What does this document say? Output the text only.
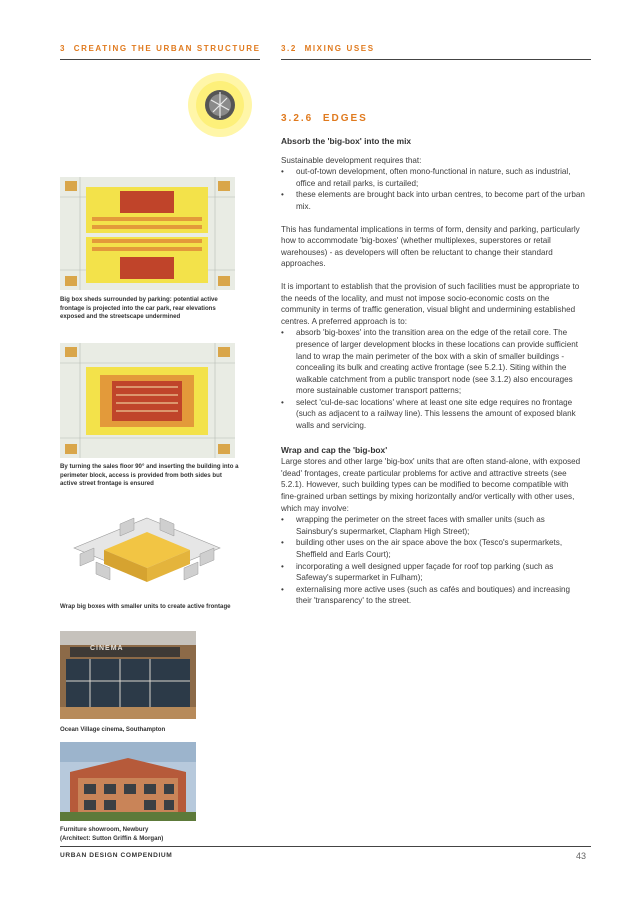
3 CREATING THE URBAN STRUCTURE	3.2 MIXING USES
Big box sheds surrounded by parking: potential active frontage is projected into the car park, rear elevations exposed and the streetscape undermined
By turning the sales floor 90° and inserting the building into a perimeter block, access is provided from both sides but active street frontage is ensured
Wrap big boxes with smaller units to create active frontage
CINEMA
Ocean Village cinema, Southampton
Furniture showroom, Newbury
(Architect: Sutton Griffin & Morgan)
3.2.6 EDGES
Absorb the 'big-box' into the mix

Sustainable development requires that:

• out-of-town development, often mono-functional in nature, such as industrial, office and retail parks, is curtailed;
• these elements are brought back into urban centres, to become part of the urban mix.

This has fundamental implications in terms of form, density and parking, particularly how to accommodate 'big-boxes' (whether multiplexes, superstores or retail warehouses) - as developers will often be reluctant to change their standard approaches.

It is important to establish that the provision of such facilities must be appropriate to the needs of the locality, and must not impose socio-economic costs on the community in terms of traffic generation, visual blight and undermining established centres. A preferred approach is to:

• absorb 'big-boxes' into the transition area on the edge of the retail core. The presence of larger development blocks in these locations can provide sufficient land to wrap the main perimeter of the box with a skin of smaller buildings - concealing its bulk and creating active frontage (see 5.2.1). Siting within the walkable catchment from a public transport node (see 3.1.2) also encourages more sustainable customer transport patterns;
• select 'cul-de-sac locations' where at least one site edge requires no frontage (such as adjacent to a railway line). This lessens the amount of exposed blank walls and servicing.
Wrap and cap the 'big-box'

Large stores and other large 'big-box' units that are often stand-alone, with exposed 'dead' frontages, create particular problems for active and attractive streets (see 5.2.1). However, such building types can be modified to become compatible with fine-grained urban settings by mixing horizontally and/or vertically with other uses, which may involve:

• wrapping the perimeter on the street faces with smaller units (such as Sainsbury's supermarket, Clapham High Street);
• building other uses on the air space above the box (Tesco's supermarkets, Sheffield and Earls Court);
• incorporating a well designed upper façade for roof top parking (such as Safeway's supermarket in Fulham);
• externalising more active uses (such as cafés and boutiques) and increasing their 'transparency' to the street.
URBAN DESIGN COMPENDIUM	43
